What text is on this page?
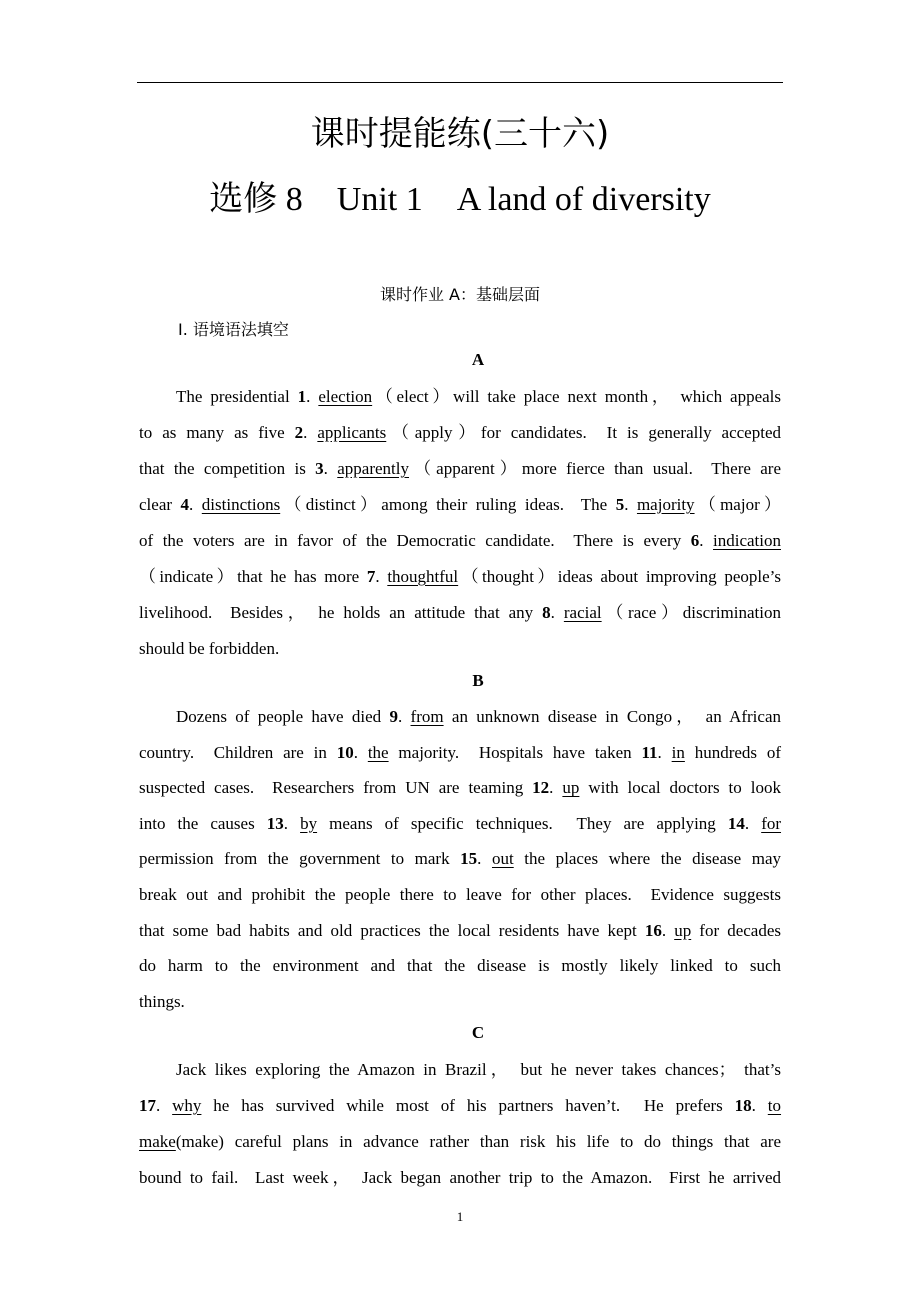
课时提能练(三十六)
选修 8　Unit 1　A land of diversity
课时作业 A：基础层面
Ⅰ. 语境语法填空
A
The presidential 1. election（elect）will take place next month， which appeals
to as many as five 2. applicants（apply）for candidates.  It is generally accepted
that the competition is 3. apparently（apparent）more fierce than usual.  There are
clear 4. distinctions（distinct）among their ruling ideas.  The 5. majority（major）
of the voters are in favor of the Democratic candidate.  There is every 6. indication
（indicate）that he has more 7. thoughtful（thought）ideas about improving people’s
livelihood.  Besides， he holds an attitude that any 8. racial（race）discrimination
should be forbidden.
B
Dozens of people have died 9. from an unknown disease in Congo， an African
country.  Children are in 10. the majority.  Hospitals have taken 11. in hundreds of
suspected cases.  Researchers from UN are teaming 12. up with local doctors to look
into the causes 13. by means of specific techniques.  They are applying 14. for
permission from the government to mark 15. out the places where the disease may
break out and prohibit the people there to leave for other places.  Evidence suggests
that some bad habits and old practices the local residents have kept 16. up for decades
do harm to the environment and that the disease is mostly likely linked to such
things.
C
Jack likes exploring the Amazon in Brazil， but he never takes chances； that’s
17. why he has survived while most of his partners haven’t.  He prefers 18. to
make(make) careful plans in advance rather than risk his life to do things that are
bound to fail.  Last week， Jack began another trip to the Amazon.  First he arrived
1
